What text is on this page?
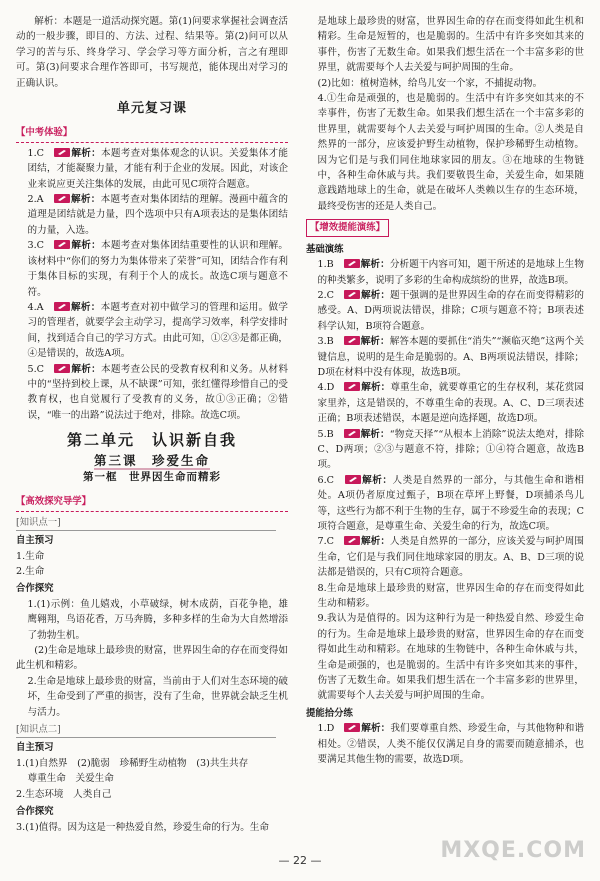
解析：本题是一道活动探究题。第(1)问要求掌握社会调查活动的一般步骤，即目的、方法、过程、结果等。第(2)问可以从学习的苦与乐、终身学习、学会学习等方面分析，言之有理即可。第(3)问要求合理作答即可，书写规范，能体现出对学习的正确认识。

单元复习课
【中考体验】

1.C　解析：本题考查对集体观念的认识。关爱集体才能团结，才能凝聚力量，才能有利于企业的发展。因此，对该企业来说应更关注集体的发展，由此可见C项符合题意。

2.A　解析：本题考查对集体团结的理解。漫画中蕴含的道理是团结就是力量，四个选项中只有A项表达的是集体团结的力量，入选。

3.C　解析：本题考查对集体团结重要性的认识和理解。该材料中“你们的努力为集体带来了荣誉”可知，团结合作有利于集体目标的实现，有利于个人的成长。故选C项与题意不符。

4.A　解析：本题考查对初中做学习的管理和运用。做学习的管理者，就要学会主动学习，提高学习效率，科学安排时间，找到适合自己的学习方式。由此可知，①②③是都正确，④是错误的，故选A项。

5.C　解析：本题考查公民的受教育权利和义务。从材料中的“坚持到校上课，从不缺课”可知，张红懂得珍惜自己的受教育权，也自觉履行了受教育的义务，故①③正确；②错误，“唯一的出路”说法过于绝对，排除。故选C项。

第二单元　认识新自我
第三课　珍爱生命
第一框　世界因生命而精彩
【高效探究导学】
[知识点一]
自主预习

1.生命

2.生命

合作探究

1.(1)示例：鱼儿嬉戏，小草破绿，树木成荫，百花争艳，雄鹰翱翔，鸟语花香，万马奔腾，多种多样的生命为大自然增添了勃勃生机。

(2)生命是地球上最珍贵的财富，世界因生命的存在而变得如此生机和精彩。

2.生命是地球上最珍贵的财富，当前由于人们对生态环境的破坏，生命受到了严重的损害，没有了生命，世界就会缺乏生机与活力。

[知识点二]
自主预习

1.(1)自然界　(2)脆弱　珍稀野生动植物　(3)共生共存

尊重生命　关爱生命

2.生态环境　人类自己

合作探究

3.(1)值得。因为这是一种热爱自然，珍爱生命的行为。生命

是地球上最珍贵的财富，世界因生命的存在而变得如此生机和精彩。生命是短暂的，也是脆弱的。生活中有许多突如其来的事件，伤害了无数生命。如果我们想生活在一个丰富多彩的世界里，就需要每个人去关爱与呵护周围的生命。

(2)比如：植树造林，给鸟儿安一个家，不捕捉动物。

4.①生命是顽强的，也是脆弱的。生活中有许多突如其来的不幸事件，伤害了无数生命。如果我们想生活在一个丰富多彩的世界里，就需要每个人去关爱与呵护周围的生命。②人类是自然界的一部分，应该爱护野生动植物，保护珍稀野生动植物。因为它们是与我们同住地球家园的朋友。③在地球的生物链中，各种生命休戚与共。我们要敬畏生命，关爱生命，如果随意践踏地球上的生命，就是在破坏人类赖以生存的生态环境，最终受伤害的还是人类自己。

【增效提能演练】
基础演练

1.B　解析：分析题干内容可知，题干所述的是地球上生物的种类繁多，说明了多彩的生命构成缤纷的世界，故选B项。

2.C　解析：题干强调的是世界因生命的存在而变得精彩的感受。A、D两项说法错误，排除；C项与题意不符；B项表述科学认知，B项符合题意。

3.B　解析：解答本题的要抓住“消失”“濒临灭绝”这两个关键信息，说明的是生命是脆弱的。A、B两项说法错误，排除；D项在材料中没有体现，故选B项。

4.D　解析：尊重生命，就要尊重它的生存权利，某花赏园家里养，这是错误的，不尊重生命的表现。A、C、D三项表述正确；B项表述错误，本题是逆向选择题，故选D项。

5.B　解析：“物竞天择”“从根本上消除”说法太绝对，排除C、D两项；②③与题意不符，排除；①④符合题意，故选B项。

6.C　解析：人类是自然界的一部分，与其他生命和谐相处。A项仍者原度过甄子，B项在草坪上野餐，D项捕杀鸟儿等，这些行为都不利于生物的生存，属于不珍爱生命的表现；C项符合题意，是尊重生命、关爱生命的行为，故选C项。

7.C　解析：人类是自然界的一部分，应该关爱与呵护周围生命，它们是与我们同住地球家园的朋友。A、B、D三项的说法都是错误的，只有C项符合题意。

8.生命是地球上最珍贵的财富，世界因生命的存在而变得如此生动和精彩。

9.我认为是值得的。因为这种行为是一种热爱自然、珍爱生命的行为。生命是地球上最珍贵的财富，世界因生命的存在而变得如此生动和精彩。在地球的生物链中，各种生命休戚与共，生命是顽强的，也是脆弱的。生活中有许多突如其来的事件，伤害了无数生命。如果我们想生活在一个丰富多彩的世界里，就需要每个人去关爱与呵护周围的生命。

提能拾分练

1.D　解析：我们要尊重自然、珍爱生命，与其他物种和谐相处。②错误，人类不能仅仅满足自身的需要而随意捕杀，也要满足其他生物的需要，故选D项。

— 22 —	MXQE.COM
